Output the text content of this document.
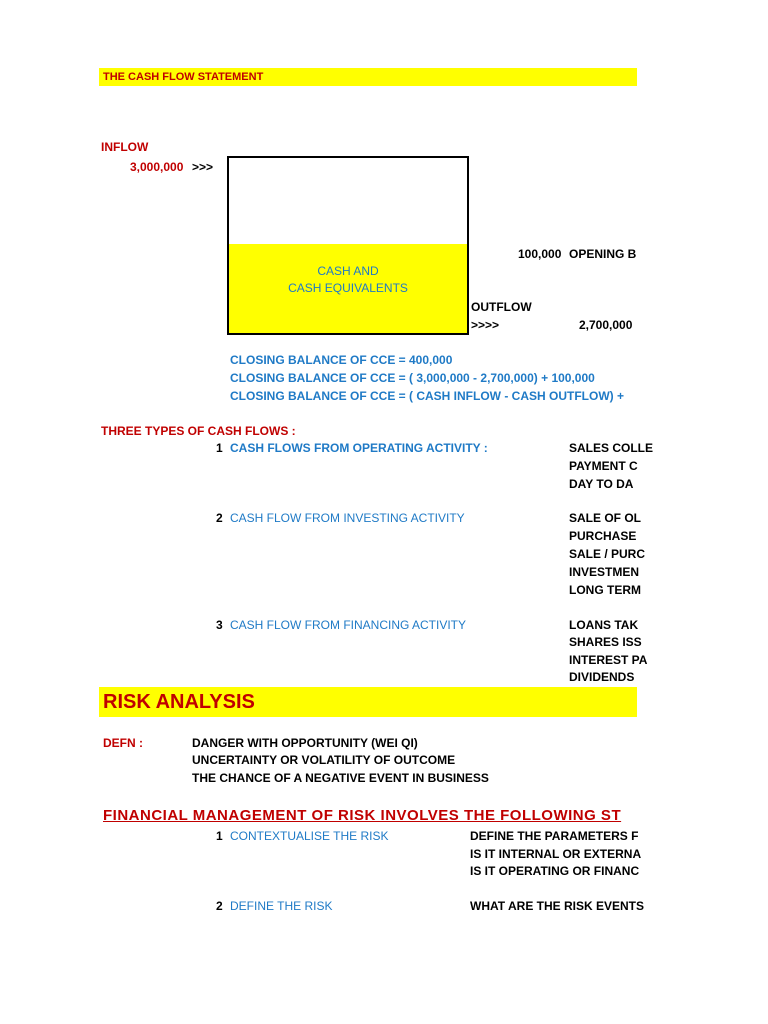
THE CASH FLOW STATEMENT
INFLOW
3,000,000 >>>
CASH AND
CASH EQUIVALENTS
100,000 OPENING B
OUTFLOW
>>>>	2,700,000
CLOSING BALANCE OF CCE = 400,000
CLOSING BALANCE OF CCE = ( 3,000,000 - 2,700,000) + 100,000
CLOSING BALANCE OF CCE = ( CASH INFLOW - CASH OUTFLOW) +
THREE TYPES OF CASH FLOWS :
1 CASH FLOWS FROM OPERATING ACTIVITY :	SALES COLLE
PAYMENT C
DAY TO DA
2 CASH FLOW FROM INVESTING ACTIVITY	SALE OF OL
PURCHASE
SALE / PURC
INVESTMEN
LONG TERM
3 CASH FLOW FROM FINANCING ACTIVITY	LOANS TAK
SHARES ISS
INTEREST PA
DIVIDENDS
RISK ANALYSIS
DEFN :	DANGER WITH OPPORTUNITY (WEI QI)
UNCERTAINTY OR VOLATILITY OF OUTCOME
THE CHANCE OF A NEGATIVE EVENT IN BUSINESS
FINANCIAL MANAGEMENT OF RISK INVOLVES THE FOLLOWING ST
1 CONTEXTUALISE THE RISK	DEFINE THE PARAMETERS F
IS IT INTERNAL OR EXTERNA
IS IT OPERATING OR FINANC
2 DEFINE THE RISK	WHAT ARE THE RISK EVENTS
